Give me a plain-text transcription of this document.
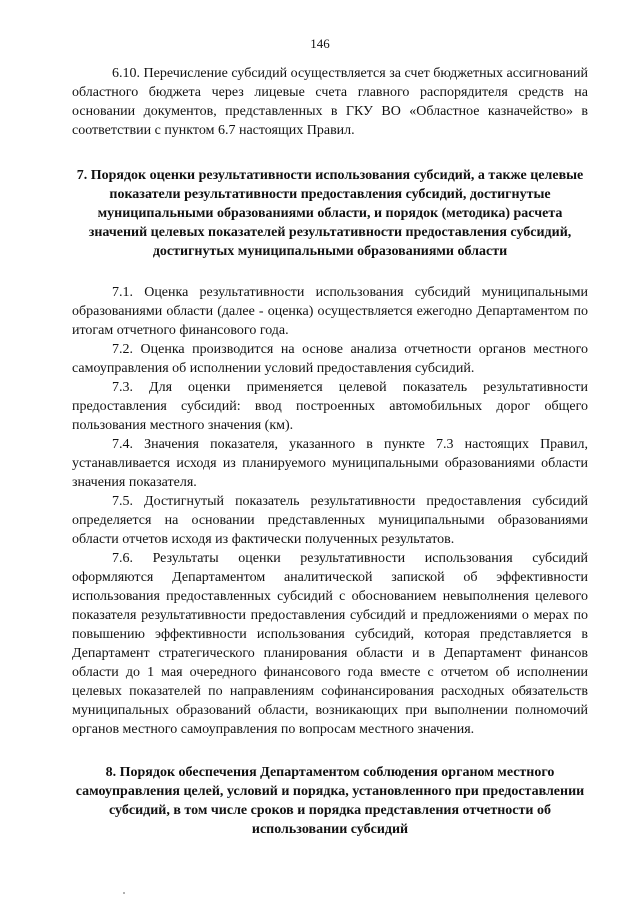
146

6.10. Перечисление субсидий осуществляется за счет бюджетных ассигнований областного бюджета через лицевые счета главного распорядителя средств на основании документов, представленных в ГКУ ВО «Областное казначейство» в соответствии с пунктом 6.7 настоящих Правил.

7. Порядок оценки результативности использования субсидий, а также целевые показатели результативности предоставления субсидий, достигнутые муниципальными образованиями области, и порядок (методика) расчета значений целевых показателей результативности предоставления субсидий, достигнутых муниципальными образованиями области

7.1. Оценка результативности использования субсидий муниципальными образованиями области (далее - оценка) осуществляется ежегодно Департаментом по итогам отчетного финансового года.

7.2. Оценка производится на основе анализа отчетности органов местного самоуправления об исполнении условий предоставления субсидий.

7.3. Для оценки применяется целевой показатель результативности предоставления субсидий: ввод построенных автомобильных дорог общего пользования местного значения (км).

7.4. Значения показателя, указанного в пункте 7.3 настоящих Правил, устанавливается исходя из планируемого муниципальными образованиями области значения показателя.

7.5. Достигнутый показатель результативности предоставления субсидий определяется на основании представленных муниципальными образованиями области отчетов исходя из фактически полученных результатов.

7.6. Результаты оценки результативности использования субсидий оформляются Департаментом аналитической запиской об эффективности использования предоставленных субсидий с обоснованием невыполнения целевого показателя результативности предоставления субсидий и предложениями о мерах по повышению эффективности использования субсидий, которая представляется в Департамент стратегического планирования области и в Департамент финансов области до 1 мая очередного финансового года вместе с отчетом об исполнении целевых показателей по направлениям софинансирования расходных обязательств муниципальных образований области, возникающих при выполнении полномочий органов местного самоуправления по вопросам местного значения.

8. Порядок обеспечения Департаментом соблюдения органом местного самоуправления целей, условий и порядка, установленного при предоставлении субсидий, в том числе сроков и порядка представления отчетности об использовании субсидий
